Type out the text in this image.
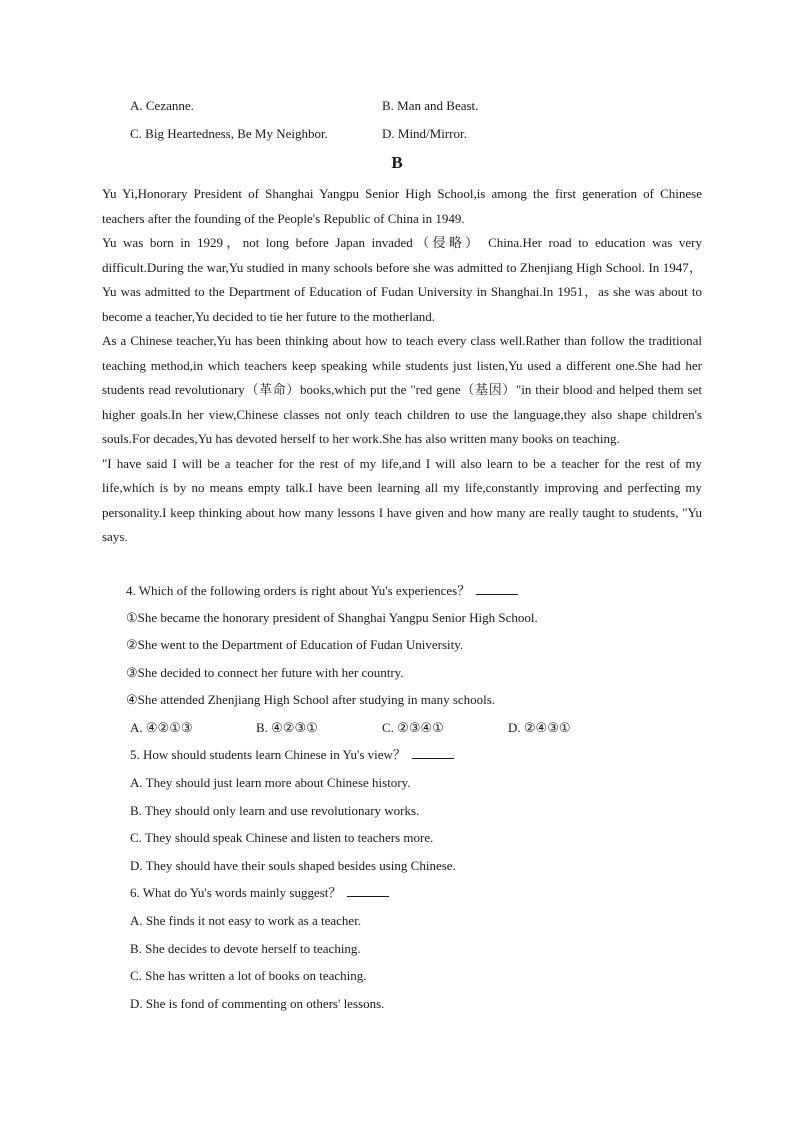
A. Cezanne.	B. Man and Beast.
C. Big Heartedness, Be My Neighbor.	D. Mind/Mirror.
B

Yu Yi,Honorary President of Shanghai Yangpu Senior High School,is among the first generation of Chinese teachers after the founding of the People's Republic of China in 1949.

Yu was born in 1929，not long before Japan invaded（侵略） China.Her road to education was very difficult.During the war,Yu studied in many schools before she was admitted to Zhenjiang High School. In 1947，Yu was admitted to the Department of Education of Fudan University in Shanghai.In 1951，as she was about to become a teacher,Yu decided to tie her future to the motherland.

As a Chinese teacher,Yu has been thinking about how to teach every class well.Rather than follow the traditional teaching method,in which teachers keep speaking while students just listen,Yu used a different one.She had her students read revolutionary（革命）books,which put the "red gene（基因）"in their blood and helped them set higher goals.In her view,Chinese classes not only teach children to use the language,they also shape children's souls.For decades,Yu has devoted herself to her work.She has also written many books on teaching.

"I have said I will be a teacher for the rest of my life,and I will also learn to be a teacher for the rest of my life,which is by no means empty talk.I have been learning all my life,constantly improving and perfecting my personality.I keep thinking about how many lessons I have given and how many are really taught to students, "Yu says.

4. Which of the following orders is right about Yu's experiences？
①She became the honorary president of Shanghai Yangpu Senior High School.
②She went to the Department of Education of Fudan University.
③She decided to connect her future with her country.
④She attended Zhenjiang High School after studying in many schools.
A. ④②①③	B. ④②③①	C. ②③④①	D. ②④③①
5. How should students learn Chinese in Yu's view？
A. They should just learn more about Chinese history.
B. They should only learn and use revolutionary works.
C. They should speak Chinese and listen to teachers more.
D. They should have their souls shaped besides using Chinese.
6. What do Yu's words mainly suggest？
A. She finds it not easy to work as a teacher.
B. She decides to devote herself to teaching.
C. She has written a lot of books on teaching.
D. She is fond of commenting on others' lessons.
